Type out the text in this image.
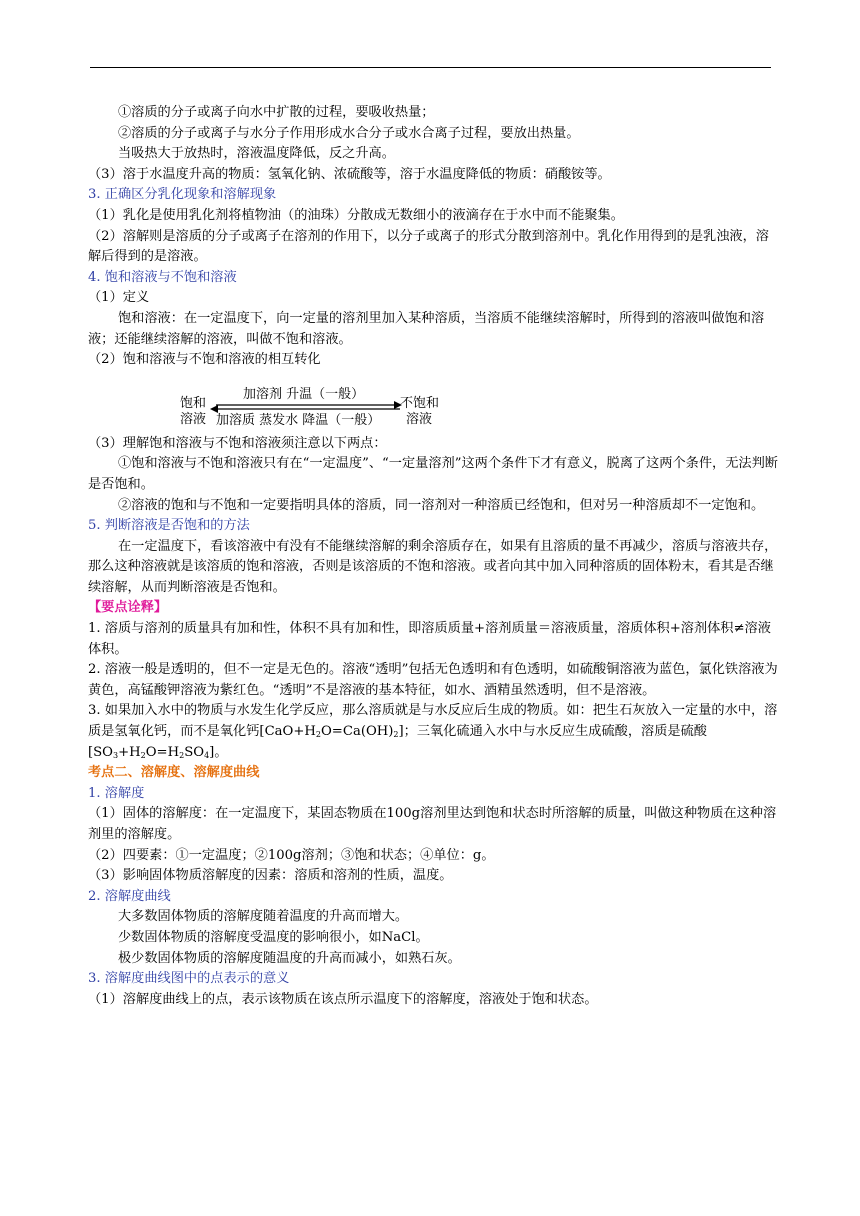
①溶质的分子或离子向水中扩散的过程，要吸收热量；

②溶质的分子或离子与水分子作用形成水合分子或水合离子过程，要放出热量。

当吸热大于放热时，溶液温度降低，反之升高。

（3）溶于水温度升高的物质：氢氧化钠、浓硫酸等，溶于水温度降低的物质：硝酸铵等。

3. 正确区分乳化现象和溶解现象

（1）乳化是使用乳化剂将植物油（的油珠）分散成无数细小的液滴存在于水中而不能聚集。

（2）溶解则是溶质的分子或离子在溶剂的作用下，以分子或离子的形式分散到溶剂中。乳化作用得到的是乳浊液，溶解后得到的是溶液。

4. 饱和溶液与不饱和溶液

（1）定义

饱和溶液：在一定温度下，向一定量的溶剂里加入某种溶质，当溶质不能继续溶解时，所得到的溶液叫做饱和溶液；还能继续溶解的溶液，叫做不饱和溶液。

（2）饱和溶液与不饱和溶液的相互转化

饱和
溶液
加溶剂 升温（一般）
不饱和
溶液
加溶质 蒸发水 降温（一般）

（3）理解饱和溶液与不饱和溶液须注意以下两点：

①饱和溶液与不饱和溶液只有在“一定温度”、“一定量溶剂”这两个条件下才有意义，脱离了这两个条件，无法判断是否饱和。

②溶液的饱和与不饱和一定要指明具体的溶质，同一溶剂对一种溶质已经饱和，但对另一种溶质却不一定饱和。

5. 判断溶液是否饱和的方法

在一定温度下，看该溶液中有没有不能继续溶解的剩余溶质存在，如果有且溶质的量不再减少，溶质与溶液共存，那么这种溶液就是该溶质的饱和溶液，否则是该溶质的不饱和溶液。或者向其中加入同种溶质的固体粉末，看其是否继续溶解，从而判断溶液是否饱和。

【要点诠释】

1. 溶质与溶剂的质量具有加和性，体积不具有加和性，即溶质质量+溶剂质量＝溶液质量，溶质体积+溶剂体积≠溶液体积。

2. 溶液一般是透明的，但不一定是无色的。溶液“透明”包括无色透明和有色透明，如硫酸铜溶液为蓝色，氯化铁溶液为黄色，高锰酸钾溶液为紫红色。“透明”不是溶液的基本特征，如水、酒精虽然透明，但不是溶液。

3. 如果加入水中的物质与水发生化学反应，那么溶质就是与水反应后生成的物质。如：把生石灰放入一定量的水中，溶质是氢氧化钙，而不是氧化钙$[CaO+H_2O=Ca(OH)_2]$；三氧化硫通入水中与水反应生成硫酸，溶质是硫酸$[SO_3+H_2O=H_2SO_4]$。

考点二、溶解度、溶解度曲线

1. 溶解度

（1）固体的溶解度：在一定温度下，某固态物质在100g溶剂里达到饱和状态时所溶解的质量，叫做这种物质在这种溶剂里的溶解度。

（2）四要素：①一定温度；②100g溶剂；③饱和状态；④单位：g。

（3）影响固体物质溶解度的因素：溶质和溶剂的性质，温度。

2. 溶解度曲线

大多数固体物质的溶解度随着温度的升高而增大。

少数固体物质的溶解度受温度的影响很小，如NaCl。

极少数固体物质的溶解度随温度的升高而减小，如熟石灰。

3. 溶解度曲线图中的点表示的意义

（1）溶解度曲线上的点，表示该物质在该点所示温度下的溶解度，溶液处于饱和状态。
